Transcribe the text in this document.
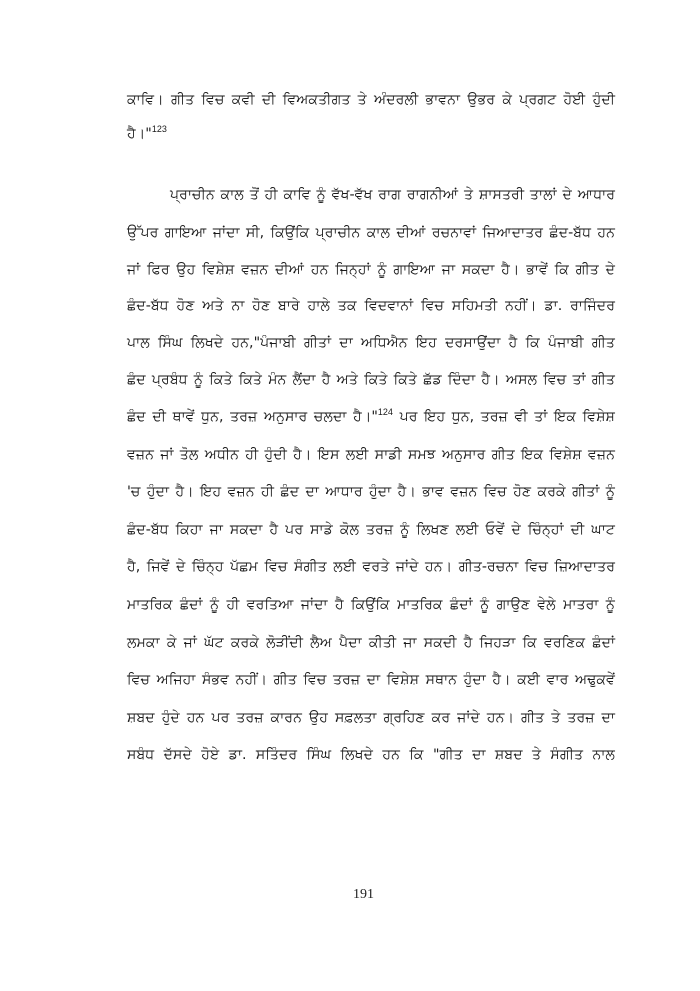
ਕਾਵਿ। ਗੀਤ ਵਿਚ ਕਵੀ ਦੀ ਵਿਅਕਤੀਗਤ ਤੇ ਅੰਦਰਲੀ ਭਾਵਨਾ ਉਭਰ ਕੇ ਪ੍ਰਗਟ ਹੋਈ ਹੁੰਦੀ
ਹੈ।"$^{123}$
ਪ੍ਰਾਚੀਨ ਕਾਲ ਤੋਂ ਹੀ ਕਾਵਿ ਨੂੰ ਵੱਖ-ਵੱਖ ਰਾਗ ਰਾਗਨੀਆਂ ਤੇ ਸ਼ਾਸਤਰੀ ਤਾਲਾਂ ਦੇ ਆਧਾਰ
ਉੱਪਰ ਗਾਇਆ ਜਾਂਦਾ ਸੀ, ਕਿਉਂਕਿ ਪ੍ਰਾਚੀਨ ਕਾਲ ਦੀਆਂ ਰਚਨਾਵਾਂ ਜਿਆਦਾਤਰ ਛੰਦ-ਬੱਧ ਹਨ
ਜਾਂ ਫਿਰ ਉਹ ਵਿਸ਼ੇਸ਼ ਵਜ਼ਨ ਦੀਆਂ ਹਨ ਜਿਨ੍ਹਾਂ ਨੂੰ ਗਾਇਆ ਜਾ ਸਕਦਾ ਹੈ। ਭਾਵੇਂ ਕਿ ਗੀਤ ਦੇ
ਛੰਦ-ਬੱਧ ਹੋਣ ਅਤੇ ਨਾ ਹੋਣ ਬਾਰੇ ਹਾਲੇ ਤਕ ਵਿਦਵਾਨਾਂ ਵਿਚ ਸਹਿਮਤੀ ਨਹੀਂ। ਡਾ. ਰਾਜਿੰਦਰ
ਪਾਲ ਸਿੰਘ ਲਿਖਦੇ ਹਨ,"ਪੰਜਾਬੀ ਗੀਤਾਂ ਦਾ ਅਧਿਐਨ ਇਹ ਦਰਸਾਉਂਦਾ ਹੈ ਕਿ ਪੰਜਾਬੀ ਗੀਤ
ਛੰਦ ਪ੍ਰਬੰਧ ਨੂੰ ਕਿਤੇ ਕਿਤੇ ਮੰਨ ਲੈਂਦਾ ਹੈ ਅਤੇ ਕਿਤੇ ਕਿਤੇ ਛੱਡ ਦਿੰਦਾ ਹੈ। ਅਸਲ ਵਿਚ ਤਾਂ ਗੀਤ
ਛੰਦ ਦੀ ਥਾਵੇਂ ਧੁਨ, ਤਰਜ਼ ਅਨੁਸਾਰ ਚਲਦਾ ਹੈ।"$^{124}$ ਪਰ ਇਹ ਧੁਨ, ਤਰਜ਼ ਵੀ ਤਾਂ ਇਕ ਵਿਸ਼ੇਸ਼
ਵਜ਼ਨ ਜਾਂ ਤੋਲ ਅਧੀਨ ਹੀ ਹੁੰਦੀ ਹੈ। ਇਸ ਲਈ ਸਾਡੀ ਸਮਝ ਅਨੁਸਾਰ ਗੀਤ ਇਕ ਵਿਸ਼ੇਸ਼ ਵਜ਼ਨ
'ਚ ਹੁੰਦਾ ਹੈ। ਇਹ ਵਜ਼ਨ ਹੀ ਛੰਦ ਦਾ ਆਧਾਰ ਹੁੰਦਾ ਹੈ। ਭਾਵ ਵਜ਼ਨ ਵਿਚ ਹੋਣ ਕਰਕੇ ਗੀਤਾਂ ਨੂੰ
ਛੰਦ-ਬੱਧ ਕਿਹਾ ਜਾ ਸਕਦਾ ਹੈ ਪਰ ਸਾਡੇ ਕੋਲ ਤਰਜ਼ ਨੂੰ ਲਿਖਣ ਲਈ ਓਵੇਂ ਦੇ ਚਿੰਨ੍ਹਾਂ ਦੀ ਘਾਟ
ਹੈ, ਜਿਵੇਂ ਦੇ ਚਿੰਨ੍ਹ ਪੱਛਮ ਵਿਚ ਸੰਗੀਤ ਲਈ ਵਰਤੇ ਜਾਂਦੇ ਹਨ। ਗੀਤ-ਰਚਨਾ ਵਿਚ ਜ਼ਿਆਦਾਤਰ
ਮਾਤਰਿਕ ਛੰਦਾਂ ਨੂੰ ਹੀ ਵਰਤਿਆ ਜਾਂਦਾ ਹੈ ਕਿਉਂਕਿ ਮਾਤਰਿਕ ਛੰਦਾਂ ਨੂੰ ਗਾਉਣ ਵੇਲੇ ਮਾਤਰਾ ਨੂੰ
ਲਮਕਾ ਕੇ ਜਾਂ ਘੱਟ ਕਰਕੇ ਲੋੜੀਂਦੀ ਲੈਅ ਪੈਦਾ ਕੀਤੀ ਜਾ ਸਕਦੀ ਹੈ ਜਿਹੜਾ ਕਿ ਵਰਣਿਕ ਛੰਦਾਂ
ਵਿਚ ਅਜਿਹਾ ਸੰਭਵ ਨਹੀਂ। ਗੀਤ ਵਿਚ ਤਰਜ਼ ਦਾ ਵਿਸ਼ੇਸ਼ ਸਥਾਨ ਹੁੰਦਾ ਹੈ। ਕਈ ਵਾਰ ਅਢੁਕਵੇਂ
ਸ਼ਬਦ ਹੁੰਦੇ ਹਨ ਪਰ ਤਰਜ਼ ਕਾਰਨ ਉਹ ਸਫ਼ਲਤਾ ਗ੍ਰਹਿਣ ਕਰ ਜਾਂਦੇ ਹਨ। ਗੀਤ ਤੇ ਤਰਜ਼ ਦਾ
ਸਬੰਧ ਦੱਸਦੇ ਹੋਏ ਡਾ. ਸਤਿੰਦਰ ਸਿੰਘ ਲਿਖਦੇ ਹਨ ਕਿ "ਗੀਤ ਦਾ ਸ਼ਬਦ ਤੇ ਸੰਗੀਤ ਨਾਲ
191
